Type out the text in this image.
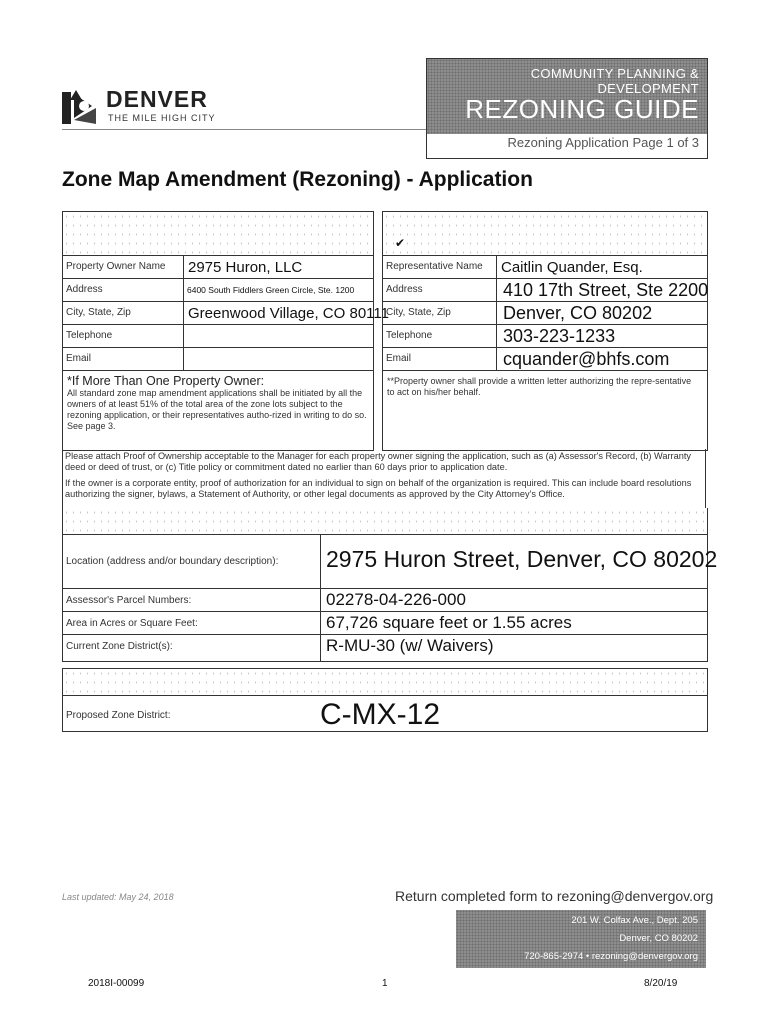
DENVER
THE MILE HIGH CITY
COMMUNITY PLANNING & DEVELOPMENT
REZONING GUIDE
Rezoning Application Page 1 of 3
Zone Map Amendment (Rezoning) - Application
Property Owner Name 2975 Huron, LLC
Address	6400 South Fiddlers Green Circle, Ste. 1200
City, State, Zip	Greenwood Village, CO 80111
Telephone
Email
*If More Than One Property Owner:
All standard zone map amendment applications shall be initiated by all the owners of at least 51% of the total area of the zone lots subject to the rezoning application, or their representatives autho-rized in writing to do so. See page 3.
✔
Representative Name Caitlin Quander, Esq.
Address	410 17th Street, Ste 2200
City, State, Zip	Denver, CO 80202
Telephone	303-223-1233
Email	cquander@bhfs.com
**Property owner shall provide a written letter authorizing the repre-sentative to act on his/her behalf.
Please attach Proof of Ownership acceptable to the Manager for each property owner signing the application, such as (a) Assessor's Record, (b) Warranty deed or deed of trust, or (c) Title policy or commitment dated no earlier than 60 days prior to application date.
If the owner is a corporate entity, proof of authorization for an individual to sign on behalf of the organization is required. This can include board resolutions authorizing the signer, bylaws, a Statement of Authority, or other legal documents as approved by the City Attorney's Office.
Location (address and/or boundary description): 2975 Huron Street, Denver, CO 80202
Assessor's Parcel Numbers:	02278-04-226-000
Area in Acres or Square Feet:	67,726 square feet or 1.55 acres
Current Zone District(s):	R-MU-30 (w/ Waivers)
Proposed Zone District:	C-MX-12
Last updated: May 24, 2018	Return completed form to rezoning@denvergov.org
201 W. Colfax Ave., Dept. 205
Denver, CO 80202
720-865-2974 • rezoning@denvergov.org
2018I-00099	1	8/20/19
